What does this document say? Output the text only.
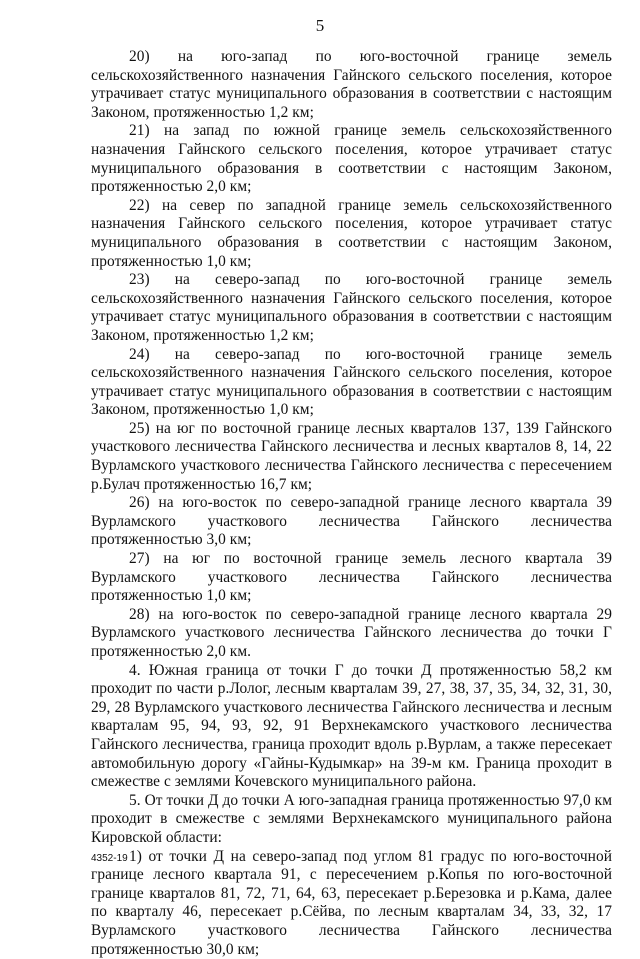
5

20) на юго-запад по юго-восточной границе земель сельскохозяйственного назначения Гайнского сельского поселения, которое утрачивает статус муниципального образования в соответствии с настоящим Законом, протяженностью 1,2 км;

21) на запад по южной границе земель сельскохозяйственного назначения Гайнского сельского поселения, которое утрачивает статус муниципального образования в соответствии с настоящим Законом, протяженностью 2,0 км;

22) на север по западной границе земель сельскохозяйственного назначения Гайнского сельского поселения, которое утрачивает статус муниципального образования в соответствии с настоящим Законом, протяженностью 1,0 км;

23) на северо-запад по юго-восточной границе земель сельскохозяйственного назначения Гайнского сельского поселения, которое утрачивает статус муниципального образования в соответствии с настоящим Законом, протяженностью 1,2 км;

24) на северо-запад по юго-восточной границе земель сельскохозяйственного назначения Гайнского сельского поселения, которое утрачивает статус муниципального образования в соответствии с настоящим Законом, протяженностью 1,0 км;

25) на юг по восточной границе лесных кварталов 137, 139 Гайнского участкового лесничества Гайнского лесничества и лесных кварталов 8, 14, 22 Вурламского участкового лесничества Гайнского лесничества с пересечением р.Булач протяженностью 16,7 км;

26) на юго-восток по северо-западной границе лесного квартала 39 Вурламского участкового лесничества Гайнского лесничества протяженностью 3,0 км;

27) на юг по восточной границе земель лесного квартала 39 Вурламского участкового лесничества Гайнского лесничества протяженностью 1,0 км;

28) на юго-восток по северо-западной границе лесного квартала 29 Вурламского участкового лесничества Гайнского лесничества до точки Г протяженностью 2,0 км.

4. Южная граница от точки Г до точки Д протяженностью 58,2 км проходит по части р.Лолог, лесным кварталам 39, 27, 38, 37, 35, 34, 32, 31, 30, 29, 28 Вурламского участкового лесничества Гайнского лесничества и лесным кварталам 95, 94, 93, 92, 91 Верхнекамского участкового лесничества Гайнского лесничества, граница проходит вдоль р.Вурлам, а также пересекает автомобильную дорогу «Гайны-Кудымкар» на 39-м км. Граница проходит в смежестве с землями Кочевского муниципального района.

5. От точки Д до точки А юго-западная граница протяженностью 97,0 км проходит в смежестве с землями Верхнекамского муниципального района Кировской области:

1) от точки Д на северо-запад под углом 81 градус по юго-восточной границе лесного квартала 91, с пересечением р.Копья по юго-восточной границе кварталов 81, 72, 71, 64, 63, пересекает р.Березовка и р.Кама, далее по кварталу 46, пересекает р.Сёйва, по лесным кварталам 34, 33, 32, 17 Вурламского участкового лесничества Гайнского лесничества протяженностью 30,0 км;

4352-19
